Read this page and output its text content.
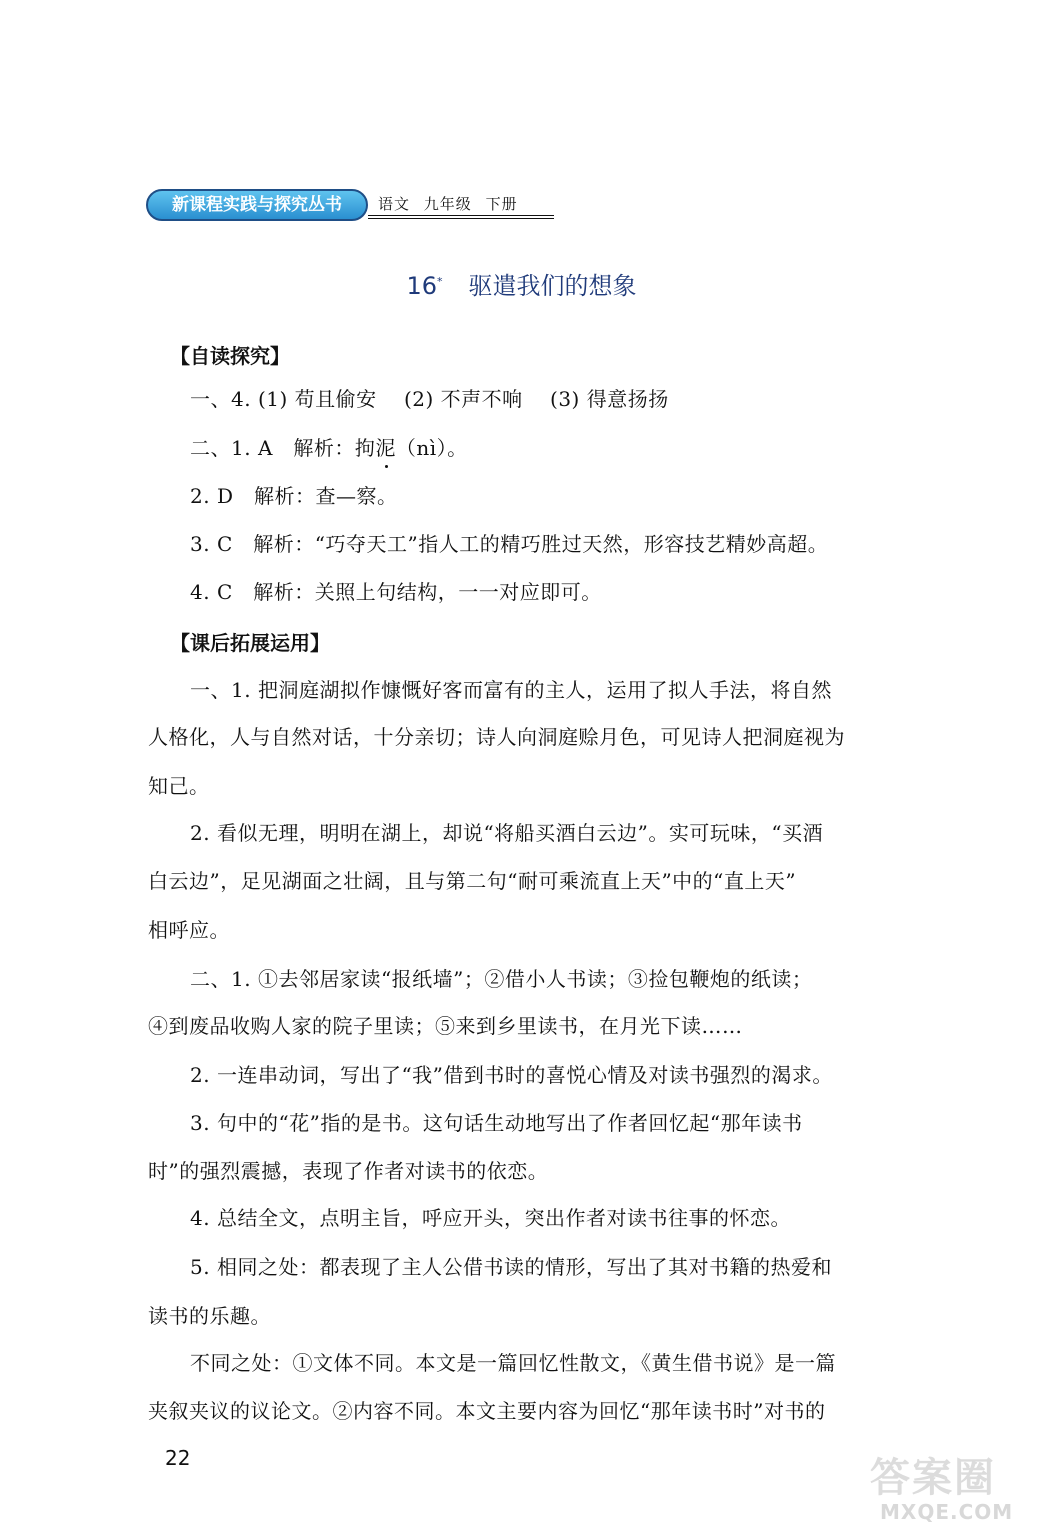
新课程实践与探究丛书	语文 九年级 下册
16* 驱遣我们的想象
【自读探究】
一、4. (1) 苟且偷安　 (2) 不声不响　 (3) 得意扬扬
二、1. A　解析：拘泥（nì）。
2. D　解析：查—察。
3. C　解析：“巧夺天工”指人工的精巧胜过天然，形容技艺精妙高超。
4. C　解析：关照上句结构，一一对应即可。
【课后拓展运用】
一、1. 把洞庭湖拟作慷慨好客而富有的主人，运用了拟人手法，将自然
人格化，人与自然对话，十分亲切；诗人向洞庭赊月色，可见诗人把洞庭视为
知己。
2. 看似无理，明明在湖上，却说“将船买酒白云边”。实可玩味，“买酒
白云边”，足见湖面之壮阔，且与第二句“耐可乘流直上天”中的“直上天”
相呼应。
二、1. ①去邻居家读“报纸墙”；②借小人书读；③捡包鞭炮的纸读；
④到废品收购人家的院子里读；⑤来到乡里读书，在月光下读……
2. 一连串动词，写出了“我”借到书时的喜悦心情及对读书强烈的渴求。
3. 句中的“花”指的是书。这句话生动地写出了作者回忆起“那年读书
时”的强烈震撼，表现了作者对读书的依恋。
4. 总结全文，点明主旨，呼应开头，突出作者对读书往事的怀恋。
5. 相同之处：都表现了主人公借书读的情形，写出了其对书籍的热爱和
读书的乐趣。
不同之处：①文体不同。本文是一篇回忆性散文，《黄生借书说》是一篇
夹叙夹议的议论文。②内容不同。本文主要内容为回忆“那年读书时”对书的
22	答案圈
MXQE.COM
